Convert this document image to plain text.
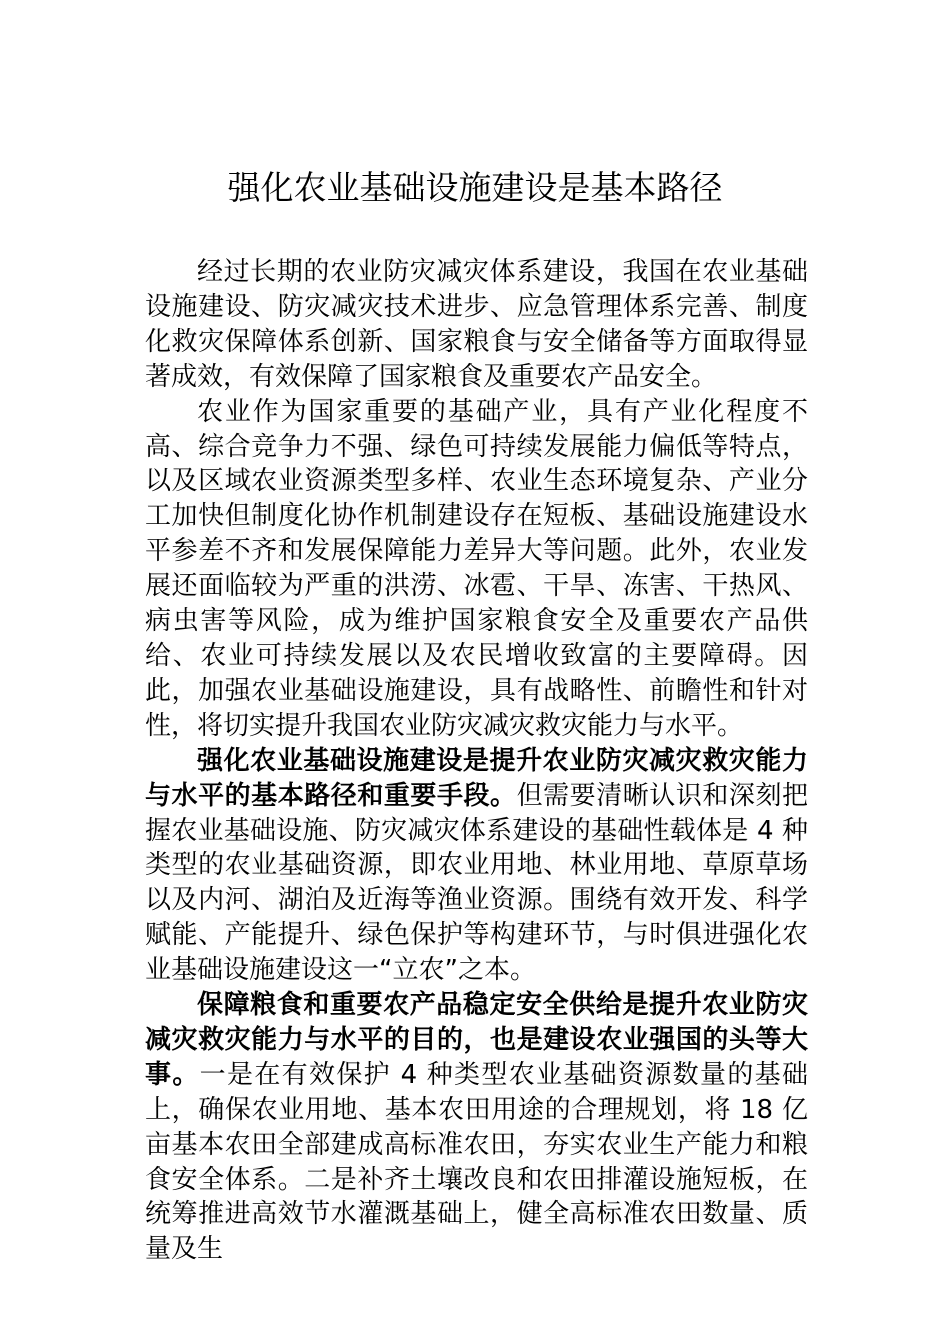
强化农业基础设施建设是基本路径

经过长期的农业防灾减灾体系建设，我国在农业基础设施建设、防灾减灾技术进步、应急管理体系完善、制度化救灾保障体系创新、国家粮食与安全储备等方面取得显著成效，有效保障了国家粮食及重要农产品安全。

农业作为国家重要的基础产业，具有产业化程度不高、综合竞争力不强、绿色可持续发展能力偏低等特点，以及区域农业资源类型多样、农业生态环境复杂、产业分工加快但制度化协作机制建设存在短板、基础设施建设水平参差不齐和发展保障能力差异大等问题。此外，农业发展还面临较为严重的洪涝、冰雹、干旱、冻害、干热风、病虫害等风险，成为维护国家粮食安全及重要农产品供给、农业可持续发展以及农民增收致富的主要障碍。因此，加强农业基础设施建设，具有战略性、前瞻性和针对性，将切实提升我国农业防灾减灾救灾能力与水平。

强化农业基础设施建设是提升农业防灾减灾救灾能力与水平的基本路径和重要手段。但需要清晰认识和深刻把握农业基础设施、防灾减灾体系建设的基础性载体是 4 种类型的农业基础资源，即农业用地、林业用地、草原草场以及内河、湖泊及近海等渔业资源。围绕有效开发、科学赋能、产能提升、绿色保护等构建环节，与时俱进强化农业基础设施建设这一“立农”之本。

保障粮食和重要农产品稳定安全供给是提升农业防灾减灾救灾能力与水平的目的，也是建设农业强国的头等大事。一是在有效保护 4 种类型农业基础资源数量的基础上，确保农业用地、基本农田用途的合理规划，将 18 亿亩基本农田全部建成高标准农田，夯实农业生产能力和粮食安全体系。二是补齐土壤改良和农田排灌设施短板，在统筹推进高效节水灌溉基础上，健全高标准农田数量、质量及生
